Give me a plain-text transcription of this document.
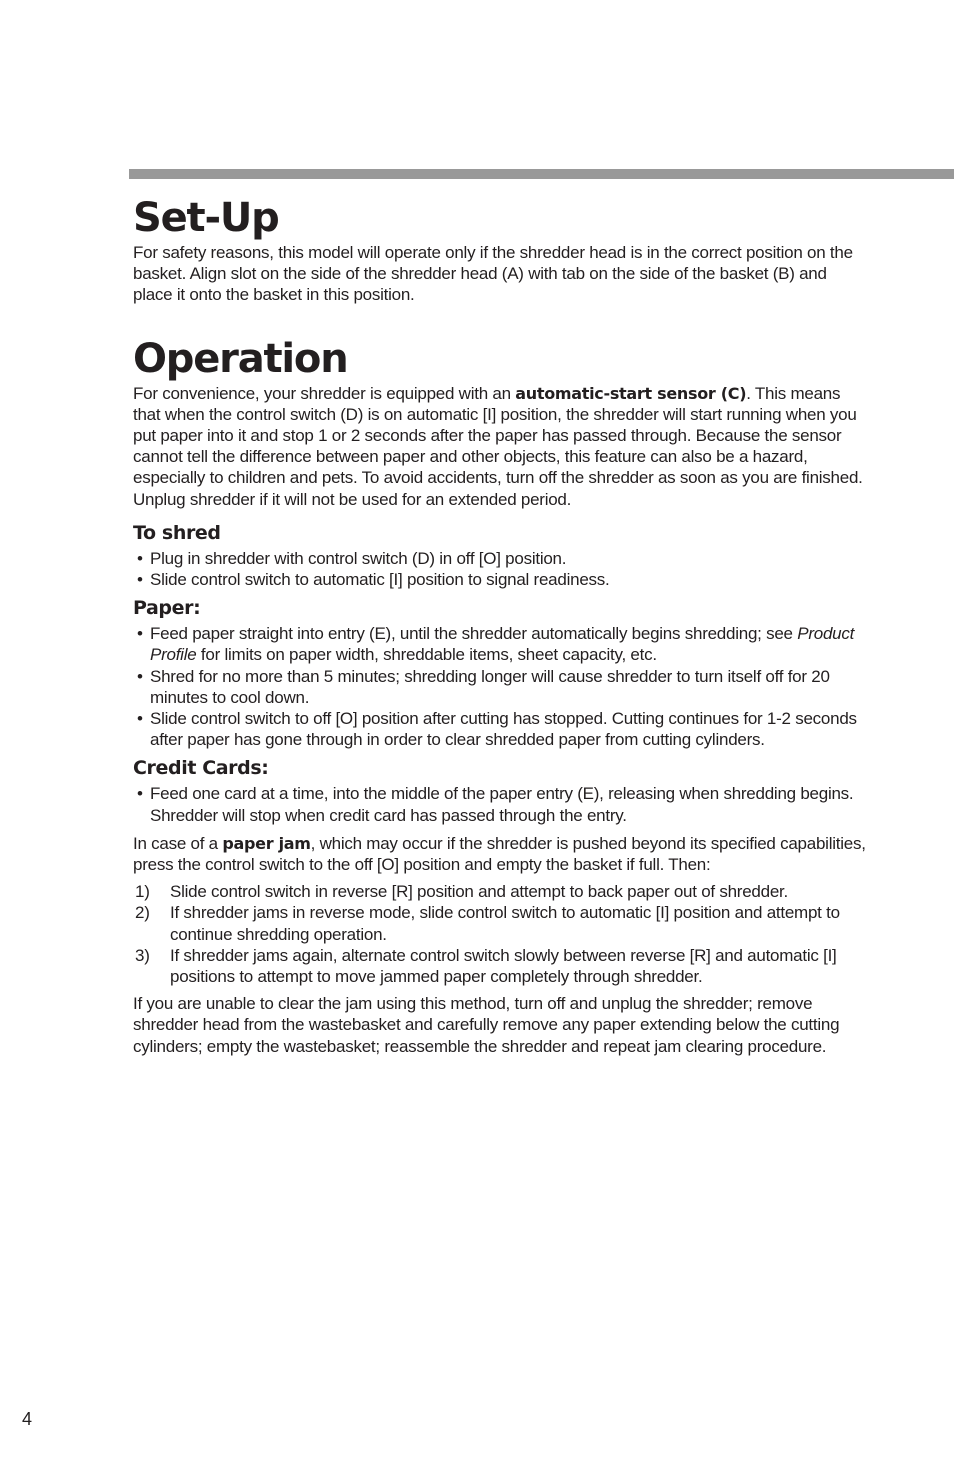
Set-Up

For safety reasons, this model will operate only if the shredder head is in the correct position on the basket. Align slot on the side of the shredder head (A) with tab on the side of the basket (B) and place it onto the basket in this position.

Operation

For convenience, your shredder is equipped with an automatic-start sensor (C). This means that when the control switch (D) is on automatic [I] position, the shredder will start running when you put paper into it and stop 1 or 2 seconds after the paper has passed through. Because the sensor cannot tell the difference between paper and other objects, this feature can also be a hazard, especially to children and pets. To avoid accidents, turn off the shredder as soon as you are finished. Unplug shredder if it will not be used for an extended period.

To shred
• Plug in shredder with control switch (D) in off [O] position.
• Slide control switch to automatic [I] position to signal readiness.
Paper:
• Feed paper straight into entry (E), until the shredder automatically begins shredding; see Product Profile for limits on paper width, shreddable items, sheet capacity, etc.
• Shred for no more than 5 minutes; shredding longer will cause shredder to turn itself off for 20 minutes to cool down.
• Slide control switch to off [O] position after cutting has stopped. Cutting continues for 1-2 seconds after paper has gone through in order to clear shredded paper from cutting cylinders.
Credit Cards:
• Feed one card at a time, into the middle of the paper entry (E), releasing when shredding begins. Shredder will stop when credit card has passed through the entry.

In case of a paper jam, which may occur if the shredder is pushed beyond its specified capabilities, press the control switch to the off [O] position and empty the basket if full. Then:

1) Slide control switch in reverse [R] position and attempt to back paper out of shredder.
2) If shredder jams in reverse mode, slide control switch to automatic [I] position and attempt to continue shredding operation.
3) If shredder jams again, alternate control switch slowly between reverse [R] and automatic [I] positions to attempt to move jammed paper completely through shredder.

If you are unable to clear the jam using this method, turn off and unplug the shredder; remove shredder head from the wastebasket and carefully remove any paper extending below the cutting cylinders; empty the wastebasket; reassemble the shredder and repeat jam clearing procedure.

4
